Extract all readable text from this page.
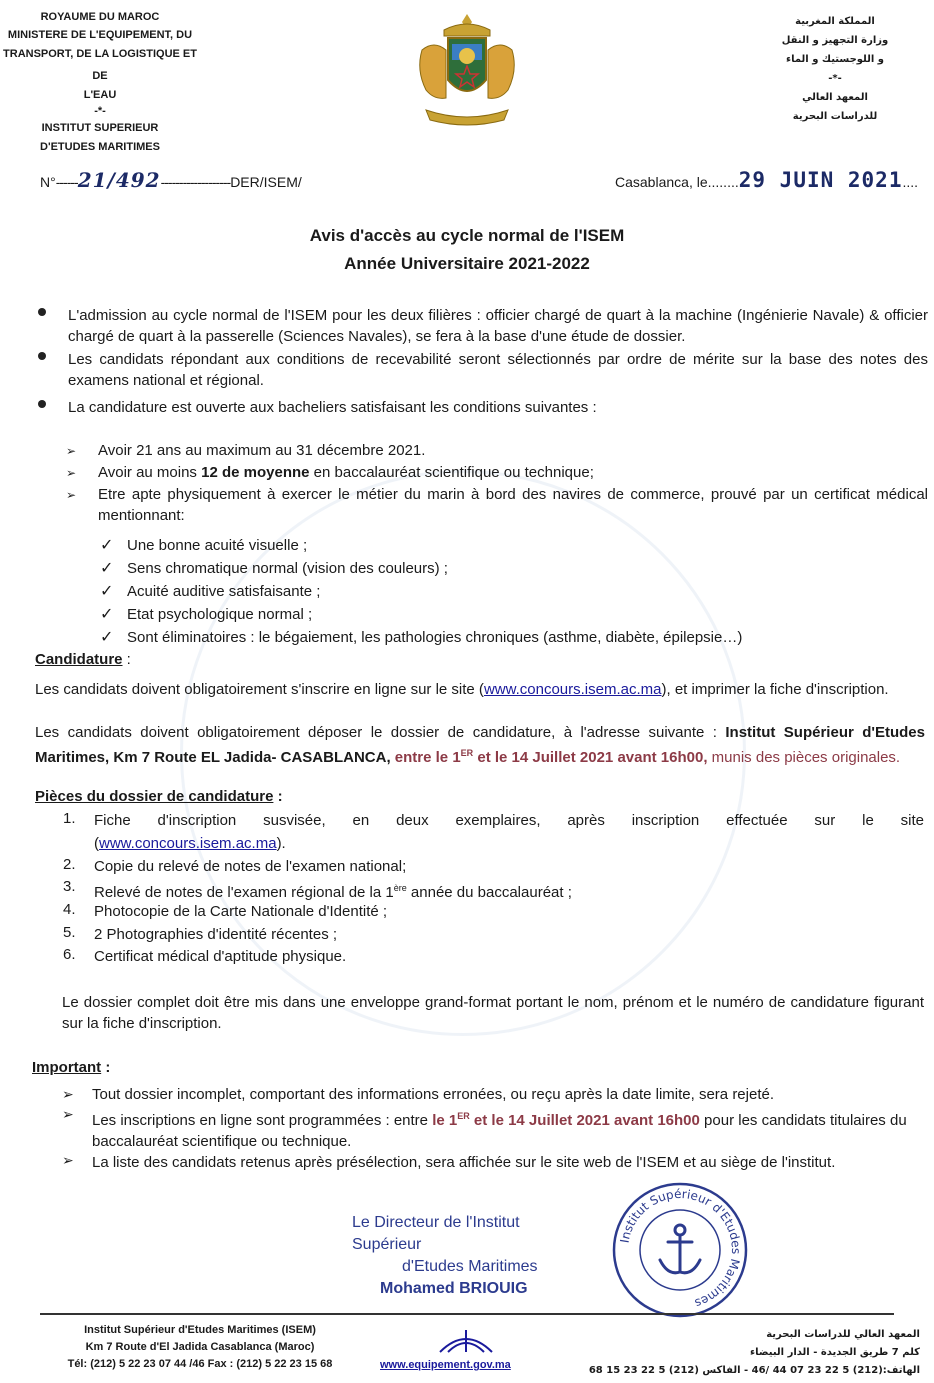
ROYAUME DU MAROC
MINISTERE DE L'EQUIPEMENT, DU
TRANSPORT, DE LA LOGISTIQUE ET DE
L'EAU
-*-
INSTITUT SUPERIEUR
D'ETUDES MARITIMES
المملكة المغربية
وزارة التجهيز و النقل
و اللوجستيك و الماء
-*-
المعهد العالي
للدراسات البحرية
N°------21/492-------------------DER/ISEM/	Casablanca, le........29 JUIN 2021....
Avis d'accès au cycle normal de l'ISEM
Année Universitaire 2021-2022
L'admission au cycle normal de l'ISEM pour les deux filières : officier chargé de quart à la machine (Ingénierie Navale) & officier chargé de quart à la passerelle (Sciences Navales), se fera à la base d'une étude de dossier.
Les candidats répondant aux conditions de recevabilité seront sélectionnés par ordre de mérite sur la base des notes des examens national et régional.
La candidature est ouverte aux bacheliers satisfaisant les conditions suivantes :
➢ Avoir 21 ans au maximum au 31 décembre 2021.
➢ Avoir au moins 12 de moyenne en baccalauréat scientifique ou technique;
➢ Etre apte physiquement à exercer le métier du marin à bord des navires de commerce, prouvé par un certificat médical mentionnant:
✓ Une bonne acuité visuelle ;
✓ Sens chromatique normal (vision des couleurs) ;
✓ Acuité auditive satisfaisante ;
✓ Etat psychologique normal ;
✓ Sont éliminatoires : le bégaiement, les pathologies chroniques (asthme, diabète, épilepsie…)
Candidature :
Les candidats doivent obligatoirement s'inscrire en ligne sur le site (www.concours.isem.ac.ma), et imprimer la fiche d'inscription.
Les candidats doivent obligatoirement déposer le dossier de candidature, à l'adresse suivante : Institut Supérieur d'Etudes Maritimes, Km 7 Route EL Jadida- CASABLANCA, entre le 1ER et le 14 Juillet 2021 avant 16h00, munis des pièces originales.
Pièces du dossier de candidature :
1. Fiche d'inscription susvisée, en deux exemplaires, après inscription effectuée sur le site
(www.concours.isem.ac.ma).
2. Copie du relevé de notes de l'examen national;
3. Relevé de notes de l'examen régional de la 1ère année du baccalauréat ;
4. Photocopie de la Carte Nationale d'Identité ;
5. 2 Photographies d'identité récentes ;
6. Certificat médical d'aptitude physique.
Le dossier complet doit être mis dans une enveloppe grand-format portant le nom, prénom et le numéro de candidature figurant sur la fiche d'inscription.
Important :
➢ Tout dossier incomplet, comportant des informations erronées, ou reçu après la date limite, sera rejeté.
➢ Les inscriptions en ligne sont programmées : entre le 1ER et le 14 Juillet 2021 avant 16h00 pour les candidats titulaires du baccalauréat scientifique ou technique.
➢ La liste des candidats retenus après présélection, sera affichée sur le site web de l'ISEM et au siège de l'institut.
Le Directeur de l'Institut Supérieur
d'Etudes Maritimes
Mohamed BRIOUIG
Institut Supérieur d'Etudes Maritimes
Institut Supérieur d'Etudes Maritimes (ISEM)
Km 7 Route d'El Jadida Casablanca (Maroc)
Tél: (212) 5 22 23 07 44 /46 Fax : (212) 5 22 23 15 68	www.equipement.gov.ma
المعهد العالي للدراسات البحرية
كلم 7 طريق الجديدة - الدار البيضاء
الهاتف:(212) 5 22 23 07 44 /46 - الفاكس (212) 5 22 23 15 68
